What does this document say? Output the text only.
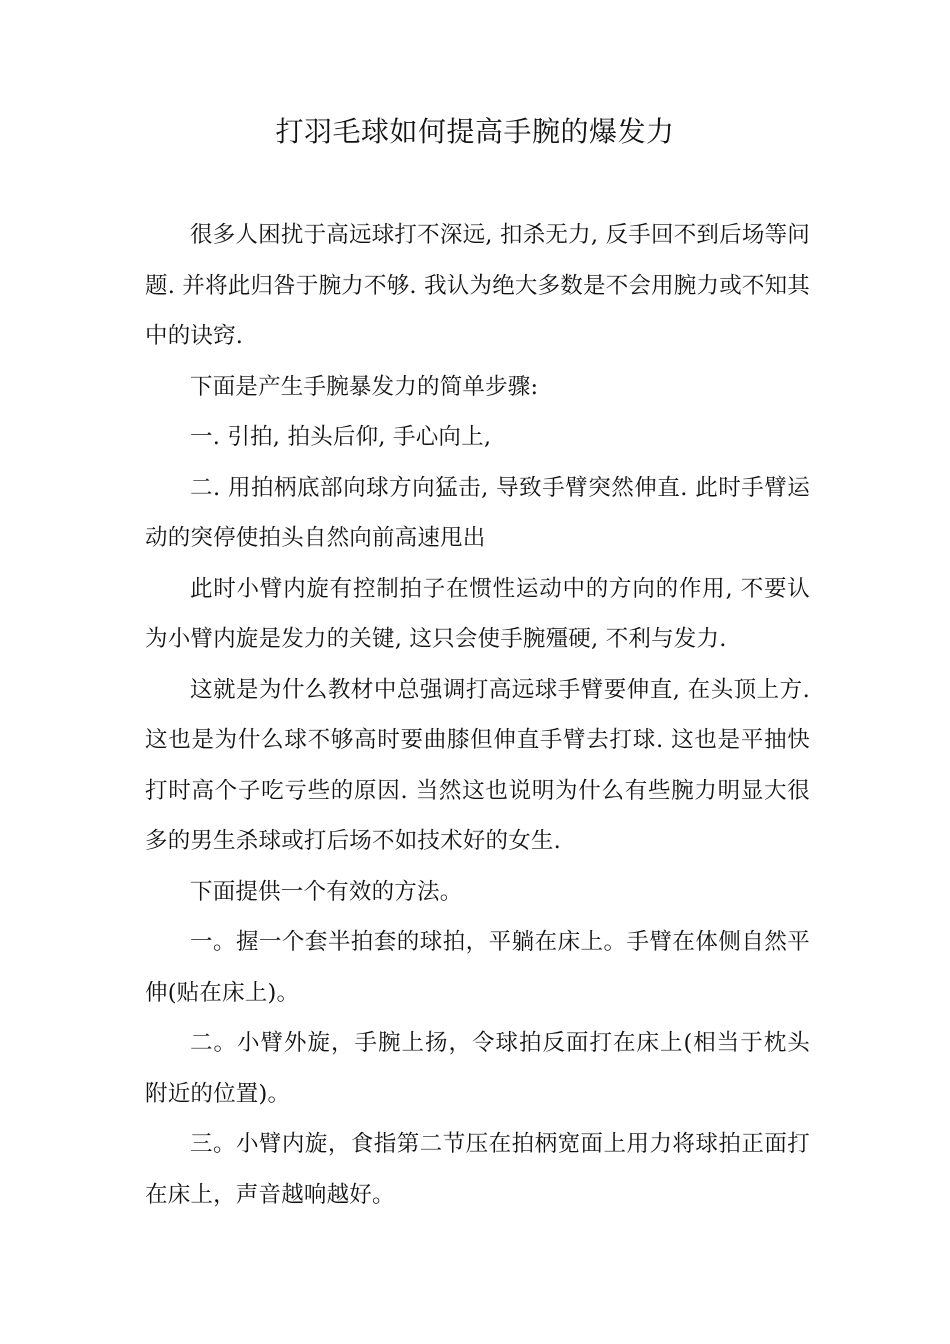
打羽毛球如何提高手腕的爆发力

很多人困扰于高远球打不深远, 扣杀无力, 反手回不到后场等问题. 并将此归咎于腕力不够. 我认为绝大多数是不会用腕力或不知其中的诀窍.

下面是产生手腕暴发力的简单步骤:

一. 引拍, 拍头后仰, 手心向上,

二. 用拍柄底部向球方向猛击, 导致手臂突然伸直. 此时手臂运动的突停使拍头自然向前高速甩出

此时小臂内旋有控制拍子在惯性运动中的方向的作用, 不要认为小臂内旋是发力的关键, 这只会使手腕殭硬, 不利与发力.

这就是为什么教材中总强调打高远球手臂要伸直, 在头顶上方. 这也是为什么球不够高时要曲膝但伸直手臂去打球. 这也是平抽快打时高个子吃亏些的原因. 当然这也说明为什么有些腕力明显大很多的男生杀球或打后场不如技术好的女生.

下面提供一个有效的方法。

一。握一个套半拍套的球拍，平躺在床上。手臂在体侧自然平伸(贴在床上)。

二。小臂外旋，手腕上扬，令球拍反面打在床上(相当于枕头附近的位置)。

三。小臂内旋，食指第二节压在拍柄宽面上用力将球拍正面打在床上，声音越响越好。
